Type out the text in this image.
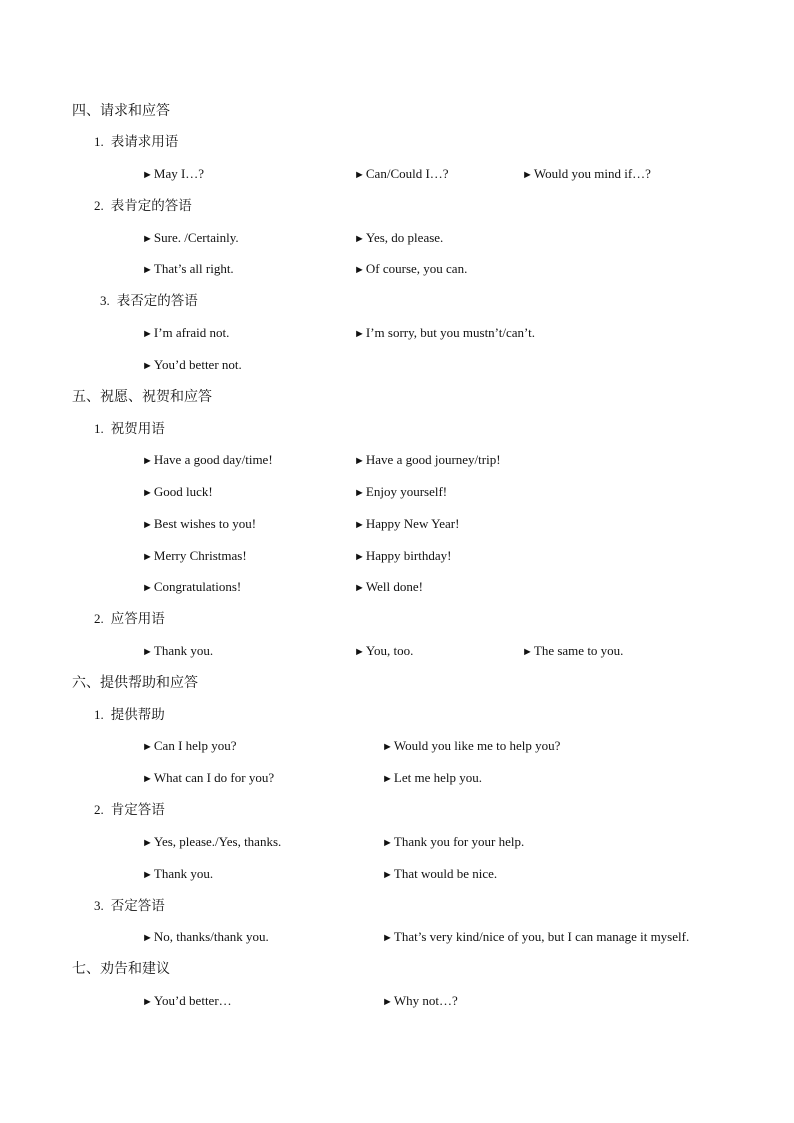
四、请求和应答
1. 表请求用语
►May I…?	►Can/Could I…?	►Would you mind if…?
2. 表肯定的答语
►Sure. /Certainly.	►Yes, do please.
►That’s all right.	►Of course, you can.
3. 表否定的答语
►I’m afraid not.	►I’m sorry, but you mustn’t/can’t.
►You’d better not.
五、祝愿、祝贺和应答
1. 祝贺用语
►Have a good day/time!	►Have a good journey/trip!
►Good luck!	►Enjoy yourself!
►Best wishes to you!	►Happy New Year!
►Merry Christmas!	►Happy birthday!
►Congratulations!	►Well done!
2. 应答用语
►Thank you.	►You, too.	►The same to you.
六、提供帮助和应答
1. 提供帮助
►Can I help you?	►Would you like me to help you?
►What can I do for you?	►Let me help you.
2. 肯定答语
►Yes, please./Yes, thanks.	►Thank you for your help.
►Thank you.	►That would be nice.
3. 否定答语
►No, thanks/thank you.	►That’s very kind/nice of you, but I can manage it myself.
七、劝告和建议
►You’d better…	►Why not…?
